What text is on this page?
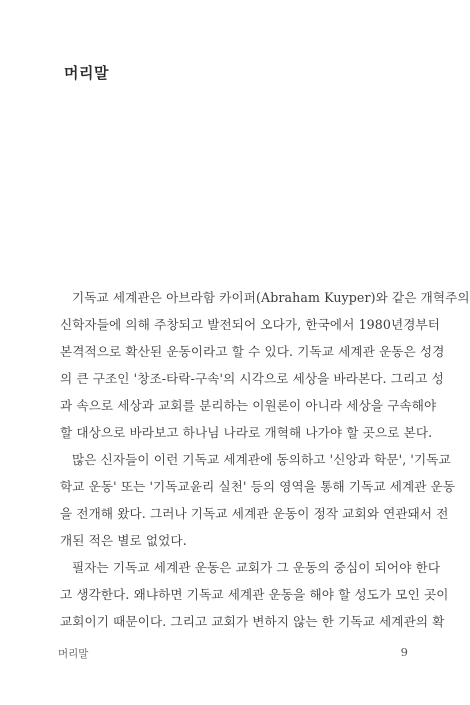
머리말
기독교 세계관은 아브라함 카이퍼(Abraham Kuyper)와 같은 개혁주의
신학자들에 의해 주창되고 발전되어 오다가, 한국에서 1980년경부터
본격적으로 확산된 운동이라고 할 수 있다. 기독교 세계관 운동은 성경
의 큰 구조인 '창조-타락-구속'의 시각으로 세상을 바라본다. 그리고 성
과 속으로 세상과 교회를 분리하는 이원론이 아니라 세상을 구속해야
할 대상으로 바라보고 하나님 나라로 개혁해 나가야 할 곳으로 본다.
많은 신자들이 이런 기독교 세계관에 동의하고 '신앙과 학문', '기독교
학교 운동' 또는 '기독교윤리 실천' 등의 영역을 통해 기독교 세계관 운동
을 전개해 왔다. 그러나 기독교 세계관 운동이 정작 교회와 연관돼서 전
개된 적은 별로 없었다.
필자는 기독교 세계관 운동은 교회가 그 운동의 중심이 되어야 한다
고 생각한다. 왜냐하면 기독교 세계관 운동을 해야 할 성도가 모인 곳이
교회이기 때문이다. 그리고 교회가 변하지 않는 한 기독교 세계관의 확
머리말	9
